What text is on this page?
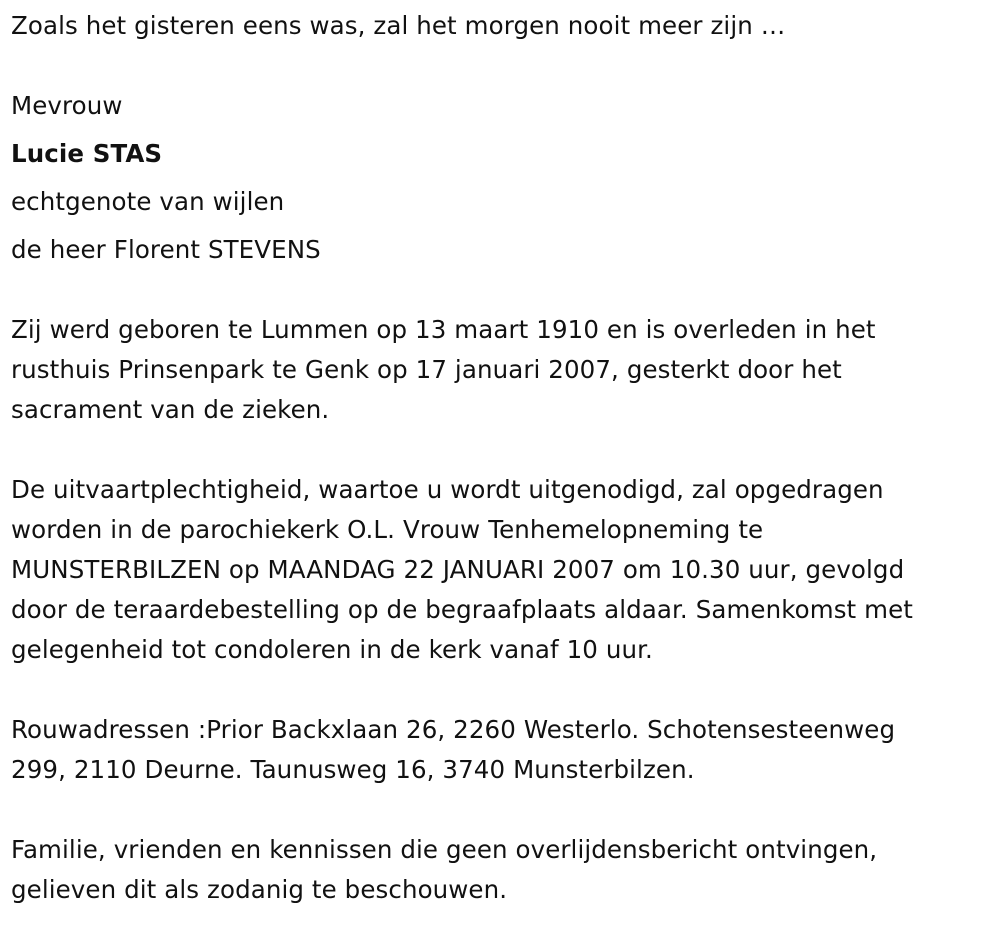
Zoals het gisteren eens was, zal het morgen nooit meer zijn …

Mevrouw

Lucie STAS

echtgenote van wijlen

de heer Florent STEVENS

Zij werd geboren te Lummen op 13 maart 1910 en is overleden in het

rusthuis Prinsenpark te Genk op 17 januari 2007, gesterkt door het

sacrament van de zieken.

De uitvaartplechtigheid, waartoe u wordt uitgenodigd, zal opgedragen

worden in de parochiekerk O.L. Vrouw Tenhemelopneming te

MUNSTERBILZEN op MAANDAG 22 JANUARI 2007 om 10.30 uur, gevolgd

door de teraardebestelling op de begraafplaats aldaar. Samenkomst met

gelegenheid tot condoleren in de kerk vanaf 10 uur.

Rouwadressen :Prior Backxlaan 26, 2260 Westerlo. Schotensesteenweg

299, 2110 Deurne. Taunusweg 16, 3740 Munsterbilzen.

Familie, vrienden en kennissen die geen overlijdensbericht ontvingen,

gelieven dit als zodanig te beschouwen.
